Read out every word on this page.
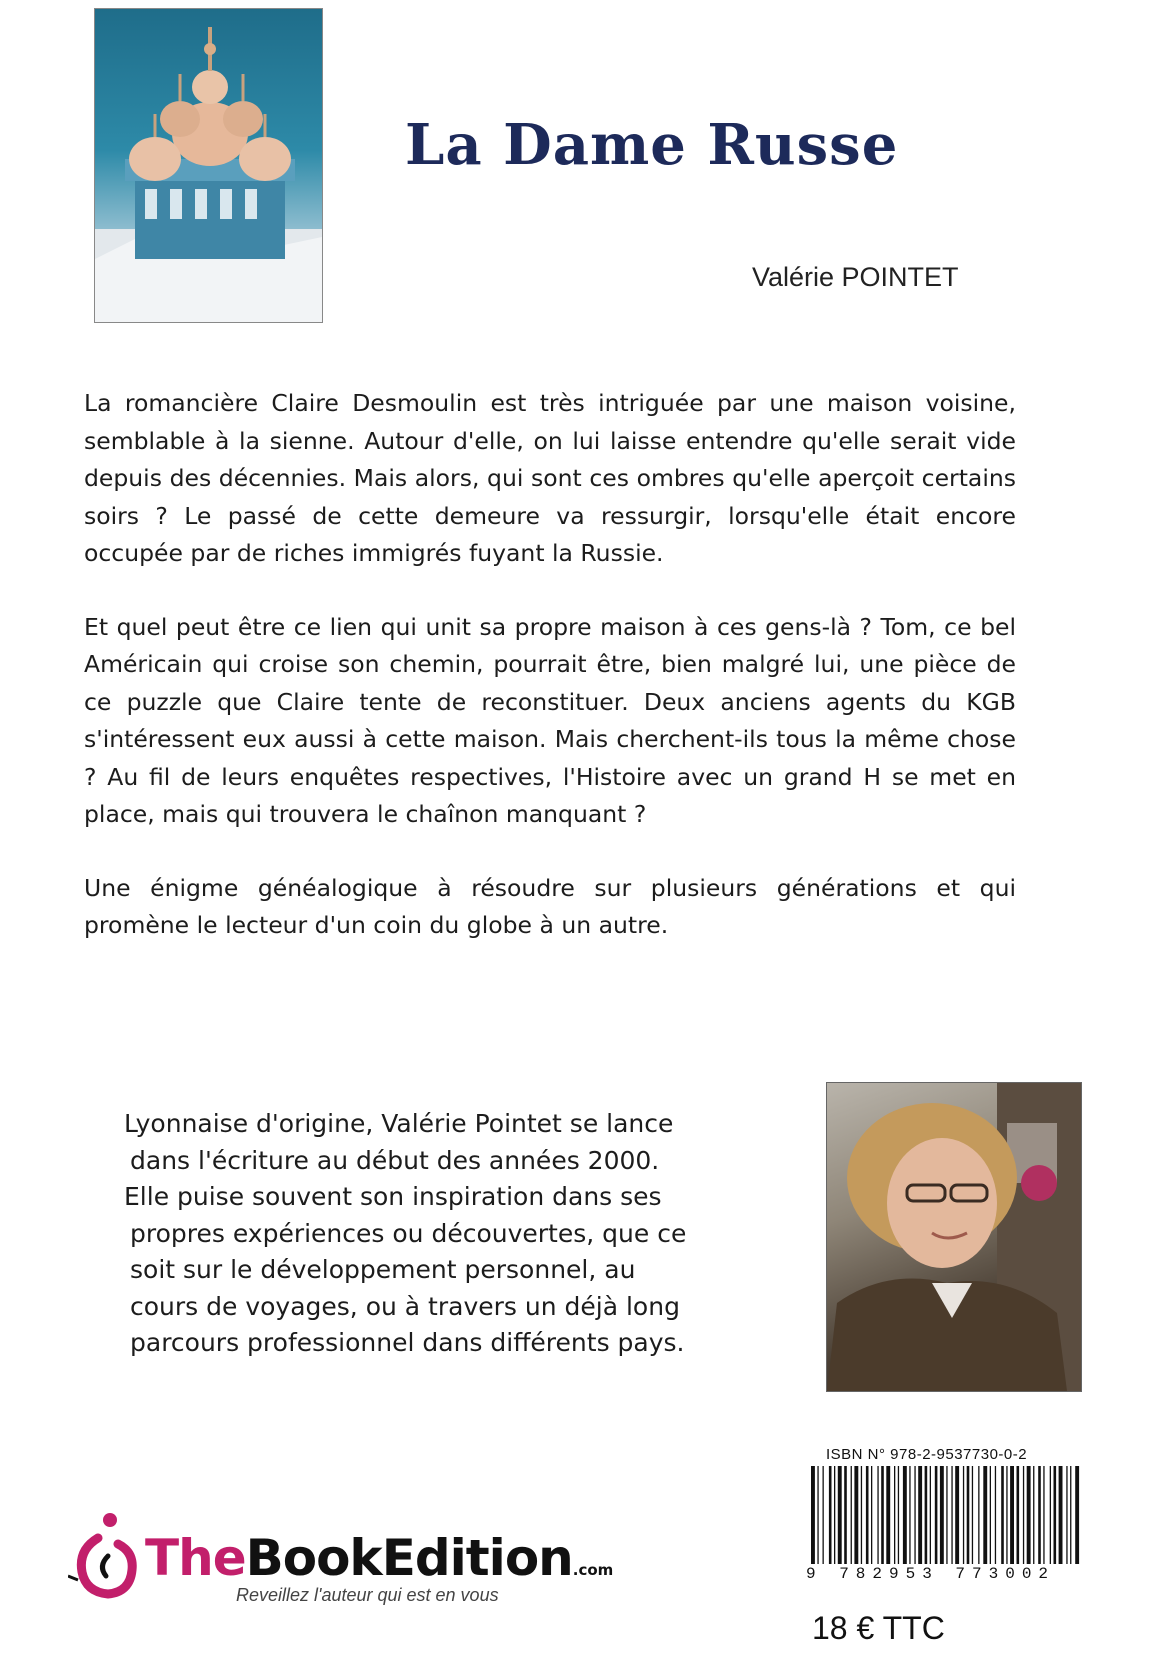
La Dame Russe
Valérie POINTET

La romancière Claire Desmoulin est très intriguée par une maison voisine, semblable à la sienne. Autour d'elle, on lui laisse entendre qu'elle serait vide depuis des décennies. Mais alors, qui sont ces ombres qu'elle aperçoit certains soirs ? Le passé de cette demeure va ressurgir, lorsqu'elle était encore occupée par de riches immigrés fuyant la Russie.

Et quel peut être ce lien qui unit sa propre maison à ces gens-là ? Tom, ce bel Américain qui croise son chemin, pourrait être, bien malgré lui, une pièce de ce puzzle que Claire tente de reconstituer. Deux anciens agents du KGB s'intéressent eux aussi à cette maison. Mais cherchent-ils tous la même chose ? Au fil de leurs enquêtes respectives, l'Histoire avec un grand H se met en place, mais qui trouvera le chaînon manquant ?

Une énigme généalogique à résoudre sur plusieurs générations et qui promène le lecteur d'un coin du globe à un autre.

Lyonnaise d'origine, Valérie Pointet se lance
dans l'écriture au début des années 2000.
Elle puise souvent son inspiration dans ses
propres expériences ou découvertes, que ce
soit sur le développement personnel, au
cours de voyages, ou à travers un déjà long
parcours professionnel dans différents pays.
TheBookEdition.com
Reveillez l'auteur qui est en vous
ISBN N° 978-2-9537730-0-2
9 782953 773002
18 € TTC
